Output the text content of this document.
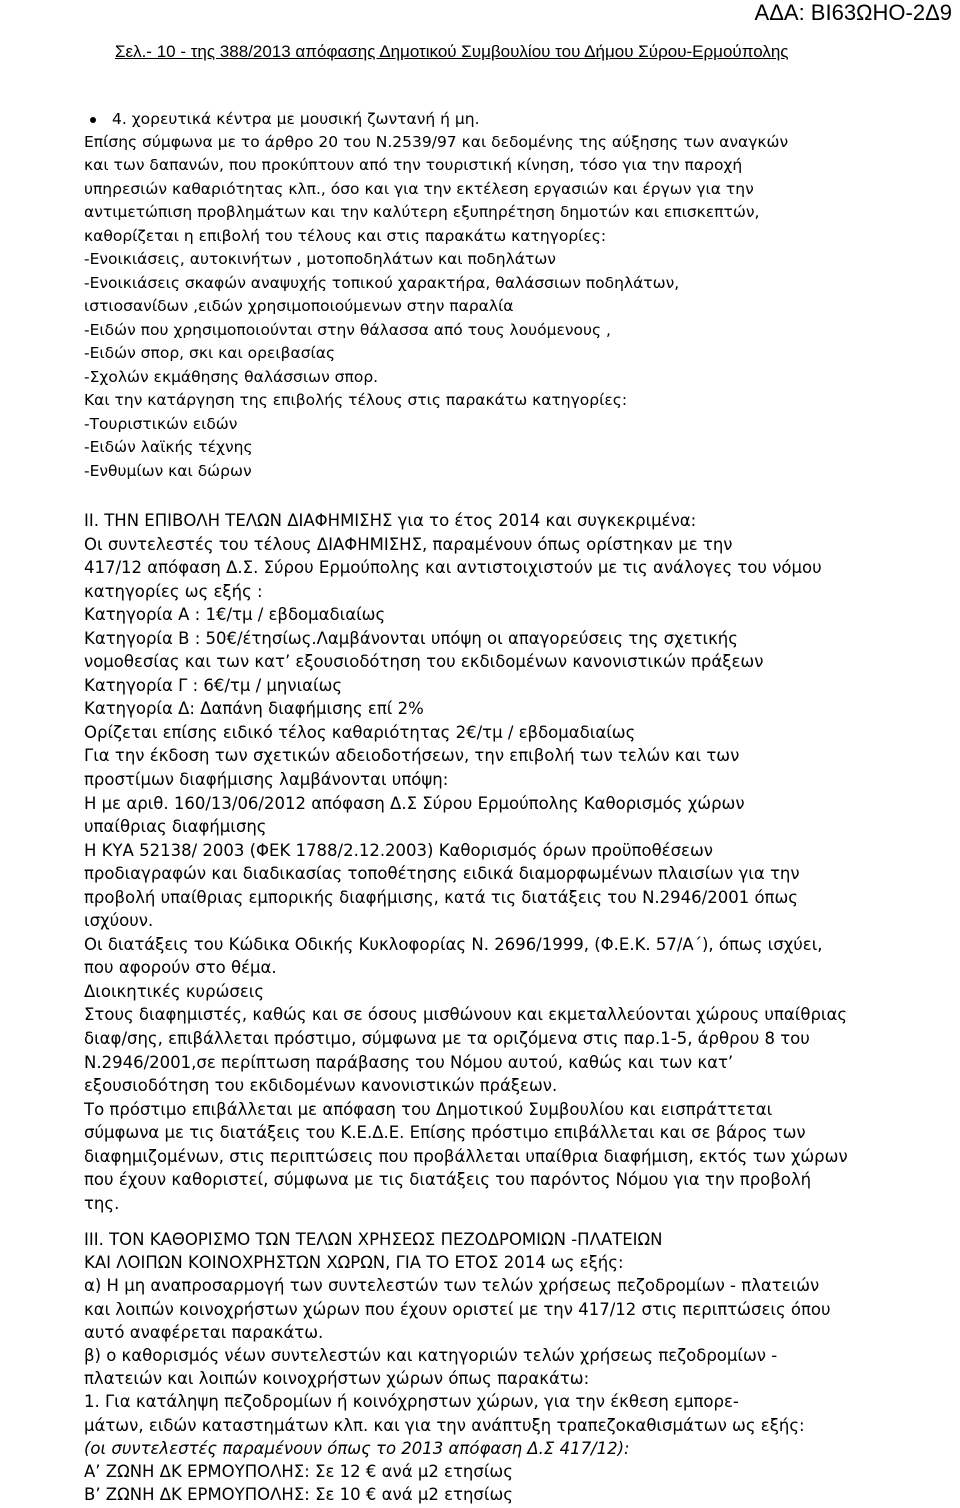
ΑΔΑ: ΒΙ63ΩΗΟ-2Δ9
Σελ.- 10 - της 388/2013 απόφασης Δημοτικού Συμβουλίου του Δήμου Σύρου-Ερμούπολης
4. χορευτικά κέντρα με μουσική ζωντανή ή μη.
Επίσης σύμφωνα με το άρθρο 20 του Ν.2539/97 και δεδομένης της αύξησης των αναγκών
και των δαπανών, που προκύπτουν από την τουριστική κίνηση, τόσο για την παροχή
υπηρεσιών καθαριότητας κλπ., όσο και για την εκτέλεση εργασιών και έργων για την
αντιμετώπιση προβλημάτων και την καλύτερη εξυπηρέτηση δημοτών και επισκεπτών,
καθορίζεται η επιβολή του τέλους και στις παρακάτω κατηγορίες:
-Ενοικιάσεις, αυτοκινήτων , μοτοποδηλάτων και ποδηλάτων
-Ενοικιάσεις σκαφών αναψυχής τοπικού χαρακτήρα, θαλάσσιων ποδηλάτων,
ιστιοσανίδων ,ειδών χρησιμοποιούμενων στην παραλία
-Ειδών που χρησιμοποιούνται στην θάλασσα από τους λουόμενους ,
-Ειδών σπορ, σκι και ορειβασίας
-Σχολών εκμάθησης θαλάσσιων σπορ.
Και την κατάργηση της επιβολής τέλους στις παρακάτω κατηγορίες:
-Τουριστικών ειδών
-Ειδών λαϊκής τέχνης
-Ενθυμίων και δώρων
II. ΤΗΝ ΕΠΙΒΟΛΗ ΤΕΛΩΝ ΔΙΑΦΗΜΙΣΗΣ για το έτος 2014 και συγκεκριμένα:
Οι συντελεστές του τέλους ΔΙΑΦΗΜΙΣΗΣ, παραμένουν όπως ορίστηκαν με την
417/12 απόφαση Δ.Σ. Σύρου Ερμούπολης και αντιστοιχιστούν με τις ανάλογες του νόμου
κατηγορίες ως εξής :
Κατηγορία Α : 1€/τμ / εβδομαδιαίως
Κατηγορία Β : 50€/έτησίως.Λαμβάνονται υπόψη οι απαγορεύσεις της σχετικής
νομοθεσίας και των κατ’ εξουσιοδότηση του εκδιδομένων κανονιστικών πράξεων
Κατηγορία Γ : 6€/τμ / μηνιαίως
Κατηγορία Δ: Δαπάνη διαφήμισης επί 2%
Ορίζεται επίσης ειδικό τέλος καθαριότητας 2€/τμ / εβδομαδιαίως
Για την έκδοση των σχετικών αδειοδοτήσεων, την επιβολή των τελών και των
προστίμων διαφήμισης λαμβάνονται υπόψη:
Η με αριθ. 160/13/06/2012 απόφαση Δ.Σ Σύρου Ερμούπολης Καθορισμός χώρων
υπαίθριας διαφήμισης
Η ΚΥΑ 52138/ 2003 (ΦΕΚ 1788/2.12.2003) Καθορισμός όρων προϋποθέσεων
προδιαγραφών και διαδικασίας τοποθέτησης ειδικά διαμορφωμένων πλαισίων για την
προβολή υπαίθριας εμπορικής διαφήμισης, κατά τις διατάξεις του Ν.2946/2001 όπως
ισχύουν.
Οι διατάξεις του Κώδικα Οδικής Κυκλοφορίας Ν. 2696/1999, (Φ.Ε.Κ. 57/Α΄), όπως ισχύει,
που αφορούν στο θέμα.
Διοικητικές κυρώσεις
Στους διαφημιστές, καθώς και σε όσους μισθώνουν και εκμεταλλεύονται χώρους υπαίθριας
διαφ/σης, επιβάλλεται πρόστιμο, σύμφωνα με τα οριζόμενα στις παρ.1-5, άρθρου 8 του
Ν.2946/2001,σε περίπτωση παράβασης του Νόμου αυτού, καθώς και των κατ’
εξουσιοδότηση του εκδιδομένων κανονιστικών πράξεων.
Το πρόστιμο επιβάλλεται με απόφαση του Δημοτικού Συμβουλίου και εισπράττεται
σύμφωνα με τις διατάξεις του Κ.Ε.Δ.Ε. Επίσης πρόστιμο επιβάλλεται και σε βάρος των
διαφημιζομένων, στις περιπτώσεις που προβάλλεται υπαίθρια διαφήμιση, εκτός των χώρων
που έχουν καθοριστεί, σύμφωνα με τις διατάξεις του παρόντος Νόμου για την προβολή
της.
III. ΤΟΝ ΚΑΘΟΡΙΣΜΟ ΤΩΝ ΤΕΛΩΝ ΧΡΗΣΕΩΣ ΠΕΖΟΔΡΟΜΙΩΝ -ΠΛΑΤΕΙΩΝ
ΚΑΙ ΛΟΙΠΩΝ ΚΟΙΝΟΧΡΗΣΤΩΝ ΧΩΡΩΝ, ΓΙΑ ΤΟ ΕΤΟΣ 2014 ως εξής:
α) Η μη αναπροσαρμογή των συντελεστών των τελών χρήσεως πεζοδρομίων - πλατειών
και λοιπών κοινοχρήστων χώρων που έχουν οριστεί με την 417/12 στις περιπτώσεις όπου
αυτό αναφέρεται παρακάτω.
β) ο καθορισμός νέων συντελεστών και κατηγοριών τελών χρήσεως πεζοδρομίων -
πλατειών και λοιπών κοινοχρήστων χώρων όπως παρακάτω:
1. Για κατάληψη πεζοδρομίων ή κοινόχρηστων χώρων, για την έκθεση εμπορε-
μάτων, ειδών καταστημάτων κλπ. και για την ανάπτυξη τραπεζοκαθισμάτων ως εξής:
(οι συντελεστές παραμένουν όπως το 2013 απόφαση Δ.Σ 417/12):
Α’ ΖΩΝΗ ΔΚ ΕΡΜΟΥΠΟΛΗΣ: Σε 12 € ανά μ2 ετησίως
Β’ ΖΩΝΗ ΔΚ ΕΡΜΟΥΠΟΛΗΣ: Σε 10 € ανά μ2 ετησίως
